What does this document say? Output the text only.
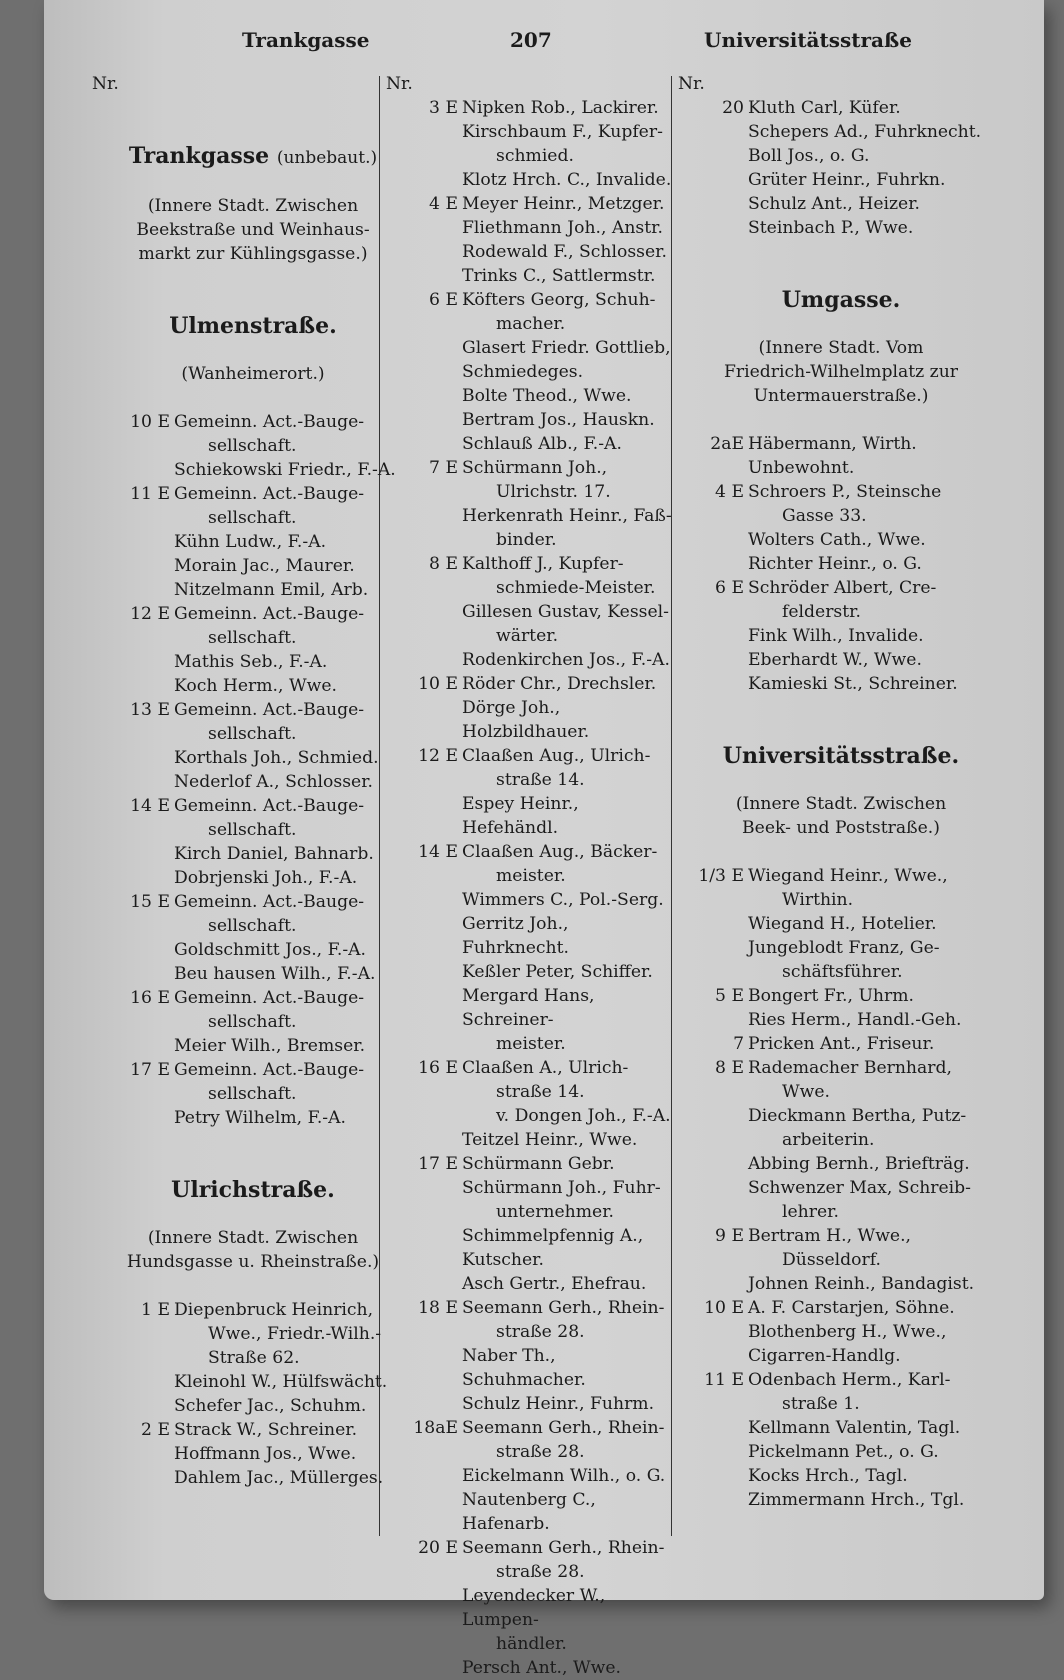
Trankgasse	207	Universitätsstraße
Nr.
Trankgasse (unbebaut.)
(Innere Stadt. Zwischen
Beekstraße und Weinhaus-
markt zur Kühlingsgasse.)
Ulmenstraße.
(Wanheimerort.)
10 E Gemeinn. Act.-Bauge-
sellschaft.
Schiekowski Friedr., F.-A.
11 E Gemeinn. Act.-Bauge-
sellschaft.
Kühn Ludw., F.-A.
Morain Jac., Maurer.
Nitzelmann Emil, Arb.
12 E Gemeinn. Act.-Bauge-
sellschaft.
Mathis Seb., F.-A.
Koch Herm., Wwe.
13 E Gemeinn. Act.-Bauge-
sellschaft.
Korthals Joh., Schmied.
Nederlof A., Schlosser.
14 E Gemeinn. Act.-Bauge-
sellschaft.
Kirch Daniel, Bahnarb.
Dobrjenski Joh., F.-A.
15 E Gemeinn. Act.-Bauge-
sellschaft.
Goldschmitt Jos., F.-A.
Beu hausen Wilh., F.-A.
16 E Gemeinn. Act.-Bauge-
sellschaft.
Meier Wilh., Bremser.
17 E Gemeinn. Act.-Bauge-
sellschaft.
Petry Wilhelm, F.-A.
Ulrichstraße.
(Innere Stadt. Zwischen
Hundsgasse u. Rheinstraße.)
1 E Diepenbruck Heinrich,
Wwe., Friedr.-Wilh.-
Straße 62.
Kleinohl W., Hülfswächt.
Schefer Jac., Schuhm.
2 E Strack W., Schreiner.
Hoffmann Jos., Wwe.
Dahlem Jac., Müllerges.
Nr.
3 E Nipken Rob., Lackirer.
Kirschbaum F., Kupfer-
schmied.
Klotz Hrch. C., Invalide.
4 E Meyer Heinr., Metzger.
Fliethmann Joh., Anstr.
Rodewald F., Schlosser.
Trinks C., Sattlermstr.
6 E Köfters Georg, Schuh-
macher.
Glasert Friedr. Gottlieb,
Schmiedeges.
Bolte Theod., Wwe.
Bertram Jos., Hauskn.
Schlauß Alb., F.-A.
7 E Schürmann Joh.,
Ulrichstr. 17.
Herkenrath Heinr., Faß-
binder.
8 E Kalthoff J., Kupfer-
schmiede-Meister.
Gillesen Gustav, Kessel-
wärter.
Rodenkirchen Jos., F.-A.
10 E Röder Chr., Drechsler.
Dörge Joh., Holzbildhauer.
12 E Claaßen Aug., Ulrich-
straße 14.
Espey Heinr., Hefehändl.
14 E Claaßen Aug., Bäcker-
meister.
Wimmers C., Pol.-Serg.
Gerritz Joh., Fuhrknecht.
Keßler Peter, Schiffer.
Mergard Hans, Schreiner-
meister.
16 E Claaßen A., Ulrich-
straße 14.
v. Dongen Joh., F.-A.
Teitzel Heinr., Wwe.
17 E Schürmann Gebr.
Schürmann Joh., Fuhr-
unternehmer.
Schimmelpfennig A.,
Kutscher.
Asch Gertr., Ehefrau.
18 E Seemann Gerh., Rhein-
straße 28.
Naber Th., Schuhmacher.
Schulz Heinr., Fuhrm.
18aE Seemann Gerh., Rhein-
straße 28.
Eickelmann Wilh., o. G.
Nautenberg C., Hafenarb.
20 E Seemann Gerh., Rhein-
straße 28.
Leyendecker W., Lumpen-
händler.
Persch Ant., Wwe.
Nr.
20 Kluth Carl, Küfer.
Schepers Ad., Fuhrknecht.
Boll Jos., o. G.
Grüter Heinr., Fuhrkn.
Schulz Ant., Heizer.
Steinbach P., Wwe.
Umgasse.
(Innere Stadt. Vom
Friedrich-Wilhelmplatz zur
Untermauerstraße.)
2aE Häbermann, Wirth.
Unbewohnt.
4 E Schroers P., Steinsche
Gasse 33.
Wolters Cath., Wwe.
Richter Heinr., o. G.
6 E Schröder Albert, Cre-
felderstr.
Fink Wilh., Invalide.
Eberhardt W., Wwe.
Kamieski St., Schreiner.
Universitätsstraße.
(Innere Stadt. Zwischen
Beek- und Poststraße.)
1/3 E Wiegand Heinr., Wwe.,
Wirthin.
Wiegand H., Hotelier.
Jungeblodt Franz, Ge-
schäftsführer.
5 E Bongert Fr., Uhrm.
Ries Herm., Handl.-Geh.
7 Pricken Ant., Friseur.
8 E Rademacher Bernhard,
Wwe.
Dieckmann Bertha, Putz-
arbeiterin.
Abbing Bernh., Briefträg.
Schwenzer Max, Schreib-
lehrer.
9 E Bertram H., Wwe.,
Düsseldorf.
Johnen Reinh., Bandagist.
10 E A. F. Carstarjen, Söhne.
Blothenberg H., Wwe.,
Cigarren-Handlg.
11 E Odenbach Herm., Karl-
straße 1.
Kellmann Valentin, Tagl.
Pickelmann Pet., o. G.
Kocks Hrch., Tagl.
Zimmermann Hrch., Tgl.
